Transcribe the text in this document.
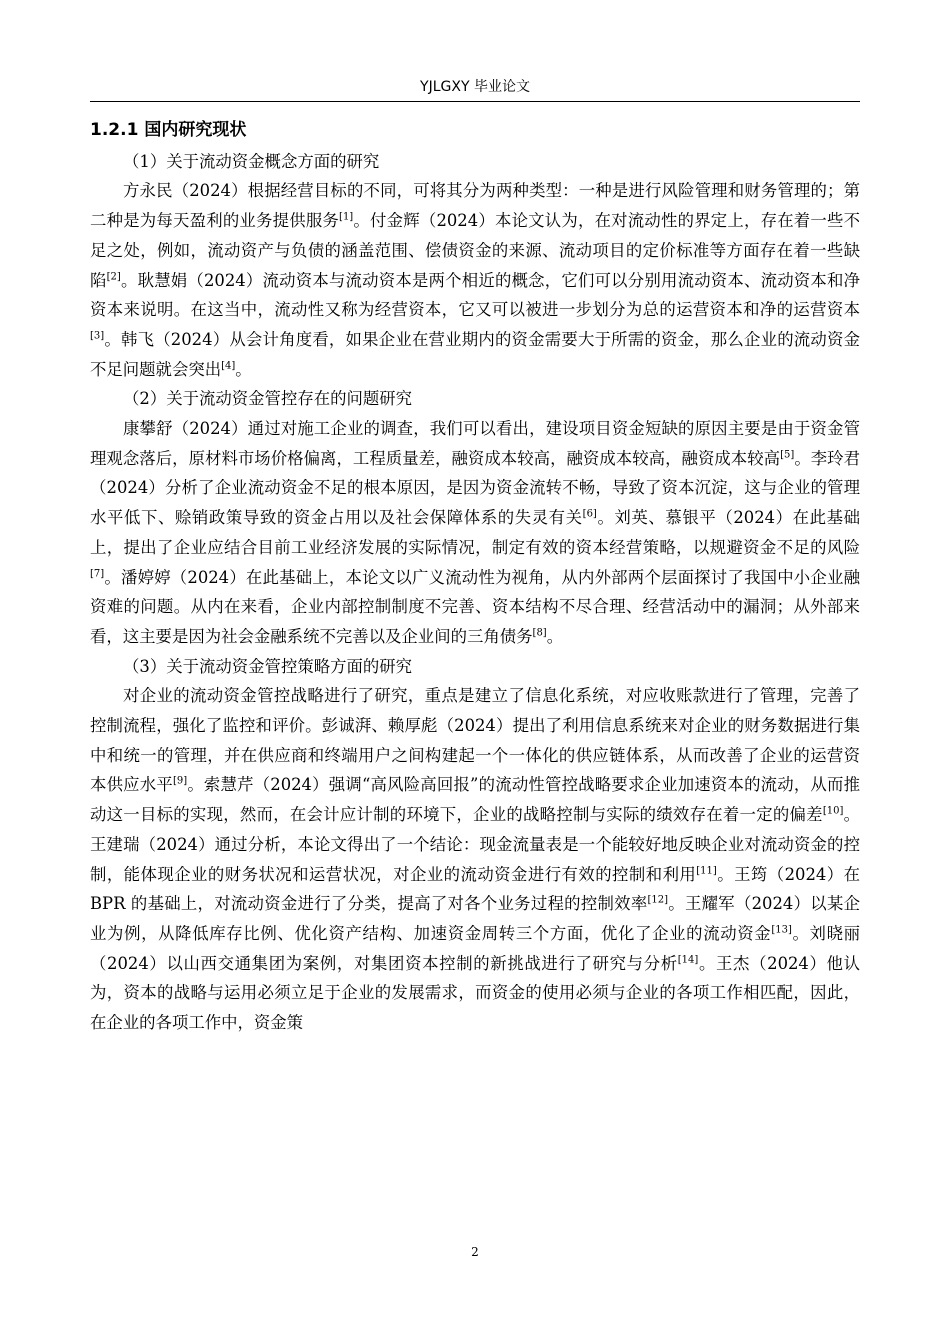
YJLGXY 毕业论文

1.2.1 国内研究现状

（1）关于流动资金概念方面的研究

方永民（2024）根据经营目标的不同，可将其分为两种类型：一种是进行风险管理和财务管理的；第二种是为每天盈利的业务提供服务[1]。付金辉（2024）本论文认为，在对流动性的界定上，存在着一些不足之处，例如，流动资产与负债的涵盖范围、偿债资金的来源、流动项目的定价标准等方面存在着一些缺陷[2]。耿慧娟（2024）流动资本与流动资本是两个相近的概念，它们可以分别用流动资本、流动资本和净资本来说明。在这当中，流动性又称为经营资本，它又可以被进一步划分为总的运营资本和净的运营资本[3]。韩飞（2024）从会计角度看，如果企业在营业期内的资金需要大于所需的资金，那么企业的流动资金不足问题就会突出[4]。

（2）关于流动资金管控存在的问题研究

康攀舒（2024）通过对施工企业的调查，我们可以看出，建设项目资金短缺的原因主要是由于资金管理观念落后，原材料市场价格偏离，工程质量差，融资成本较高，融资成本较高，融资成本较高[5]。李玲君（2024）分析了企业流动资金不足的根本原因，是因为资金流转不畅，导致了资本沉淀，这与企业的管理水平低下、赊销政策导致的资金占用以及社会保障体系的失灵有关[6]。刘英、慕银平（2024）在此基础上，提出了企业应结合目前工业经济发展的实际情况，制定有效的资本经营策略，以规避资金不足的风险[7]。潘婷婷（2024）在此基础上，本论文以广义流动性为视角，从内外部两个层面探讨了我国中小企业融资难的问题。从内在来看，企业内部控制制度不完善、资本结构不尽合理、经营活动中的漏洞；从外部来看，这主要是因为社会金融系统不完善以及企业间的三角债务[8]。

（3）关于流动资金管控策略方面的研究

对企业的流动资金管控战略进行了研究，重点是建立了信息化系统，对应收账款进行了管理，完善了控制流程，强化了监控和评价。彭诚湃、赖厚彪（2024）提出了利用信息系统来对企业的财务数据进行集中和统一的管理，并在供应商和终端用户之间构建起一个一体化的供应链体系，从而改善了企业的运营资本供应水平[9]。索慧芹（2024）强调“高风险高回报”的流动性管控战略要求企业加速资本的流动，从而推动这一目标的实现，然而，在会计应计制的环境下，企业的战略控制与实际的绩效存在着一定的偏差[10]。王建瑞（2024）通过分析，本论文得出了一个结论：现金流量表是一个能较好地反映企业对流动资金的控制，能体现企业的财务状况和运营状况，对企业的流动资金进行有效的控制和利用[11]。王筠（2024）在 BPR 的基础上，对流动资金进行了分类，提高了对各个业务过程的控制效率[12]。王耀军（2024）以某企业为例，从降低库存比例、优化资产结构、加速资金周转三个方面，优化了企业的流动资金[13]。刘晓丽（2024）以山西交通集团为案例，对集团资本控制的新挑战进行了研究与分析[14]。王杰（2024）他认为，资本的战略与运用必须立足于企业的发展需求，而资金的使用必须与企业的各项工作相匹配，因此，在企业的各项工作中，资金策

2
